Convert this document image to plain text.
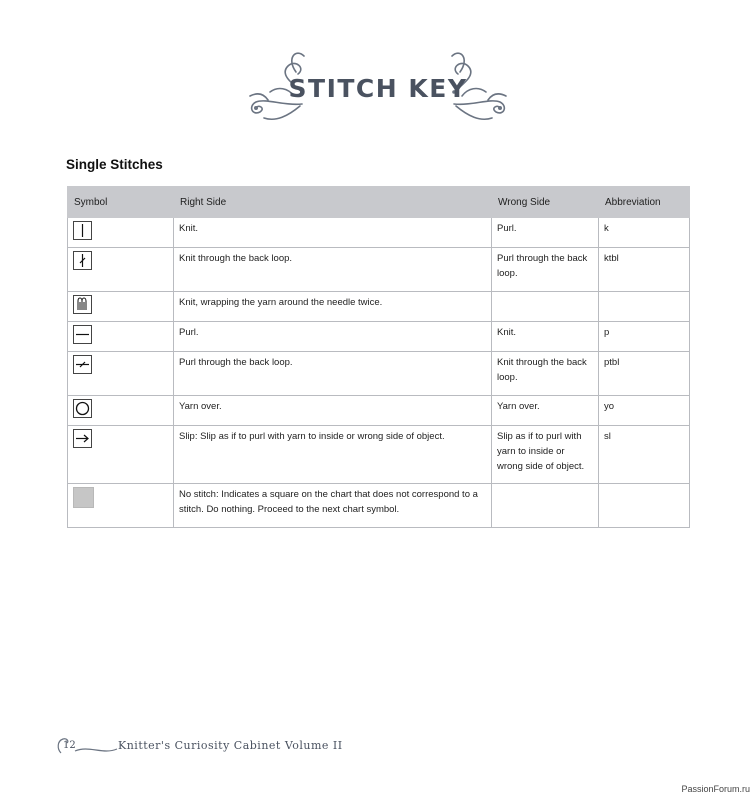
STITCH KEY
Single Stitches
Symbol	Right Side	Wrong Side	Abbreviation

	Knit.	Purl.	k

	Knit through the back loop.	Purl through the back loop.	ktbl

	Knit, wrapping the yarn around the needle twice.		

	Purl.	Knit.	p

	Purl through the back loop.	Knit through the back loop.	ptbl

	Yarn over.	Yarn over.	yo

	Slip: Slip as if to purl with yarn to inside or wrong side of object.	Slip as if to purl with yarn to inside or wrong side of object.	sl

	No stitch: Indicates a square on the chart that does not correspond to a stitch. Do nothing. Proceed to the next chart symbol.		
12	Knitter's Curiosity Cabinet Volume II
PassionForum.ru
